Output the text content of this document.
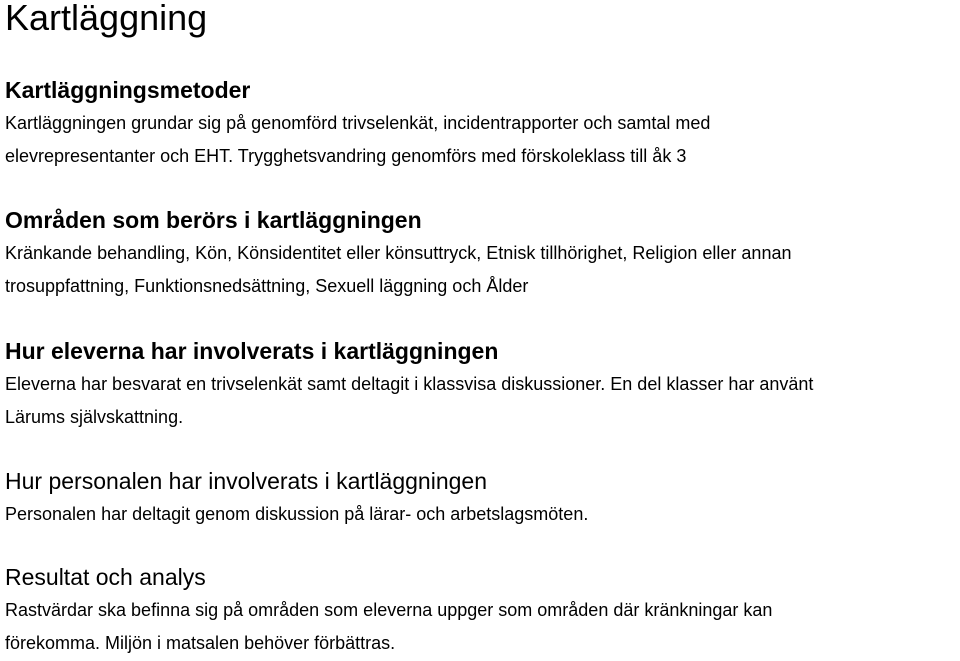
Kartläggning
Kartläggningsmetoder

Kartläggningen grundar sig på genomförd trivselenkät, incidentrapporter och samtal med
elevrepresentanter och EHT. Trygghetsvandring genomförs med förskoleklass till åk 3

Områden som berörs i kartläggningen

Kränkande behandling, Kön, Könsidentitet eller könsuttryck, Etnisk tillhörighet, Religion eller annan
trosuppfattning, Funktionsnedsättning, Sexuell läggning och Ålder

Hur eleverna har involverats i kartläggningen

Eleverna har besvarat en trivselenkät samt deltagit i klassvisa diskussioner. En del klasser har använt
Lärums självskattning.

Hur personalen har involverats i kartläggningen

Personalen har deltagit genom diskussion på lärar- och arbetslagsmöten.

Resultat och analys

Rastvärdar ska befinna sig på områden som eleverna uppger som områden där kränkningar kan
förekomma. Miljön i matsalen behöver förbättras.
